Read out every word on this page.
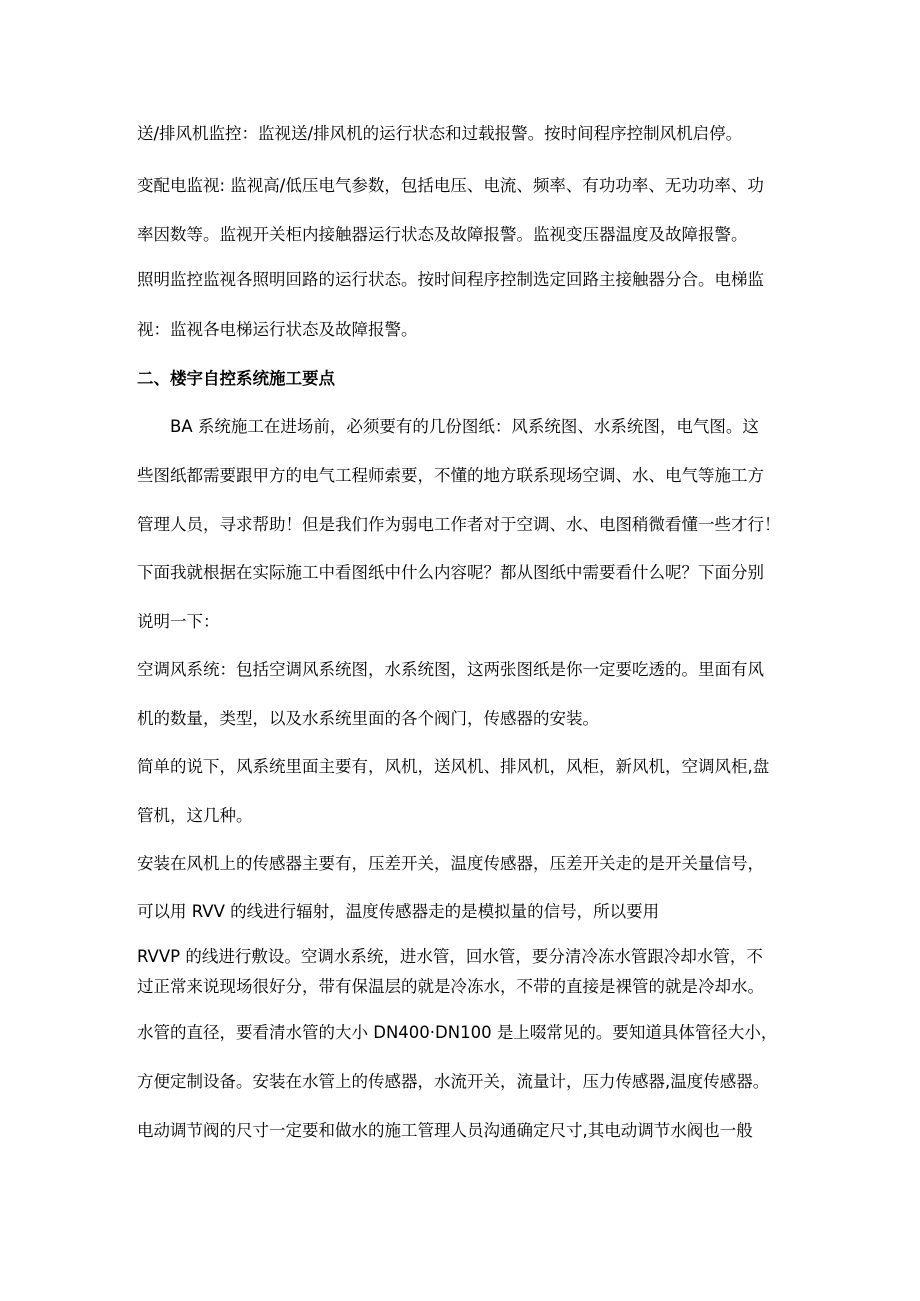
送/排风机监控：监视送/排风机的运行状态和过载报警。按时间程序控制风机启停。

变配电监视: 监视高/低压电气参数，包括电压、电流、频率、有功功率、无功功率、功

率因数等。监视开关柜内接触器运行状态及故障报警。监视变压器温度及故障报警。

照明监控监视各照明回路的运行状态。按时间程序控制选定回路主接触器分合。电梯监

视：监视各电梯运行状态及故障报警。

二、楼宇自控系统施工要点

BA 系统施工在进场前，必须要有的几份图纸：风系统图、水系统图，电气图。这

些图纸都需要跟甲方的电气工程师索要，不懂的地方联系现场空调、水、电气等施工方

管理人员，寻求帮助！但是我们作为弱电工作者对于空调、水、电图稍微看懂一些才行！

下面我就根据在实际施工中看图纸中什么内容呢？都从图纸中需要看什么呢？下面分别

说明一下：

空调风系统：包括空调风系统图，水系统图，这两张图纸是你一定要吃透的。里面有风

机的数量，类型，以及水系统里面的各个阀门，传感器的安装。

简单的说下，风系统里面主要有，风机，送风机、排风机，风柜，新风机，空调风柜,盘

管机，这几种。

安装在风机上的传感器主要有，压差开关，温度传感器，压差开关走的是开关量信号，

可以用 RVV 的线进行辐射，温度传感器走的是模拟量的信号，所以要用

RVVP 的线进行敷设。空调水系统，进水管，回水管，要分清冷冻水管跟冷却水管，不

过正常来说现场很好分，带有保温层的就是冷冻水，不带的直接是裸管的就是冷却水。

水管的直径，要看清水管的大小 DN400·DN100 是上啜常见的。要知道具体管径大小，

方便定制设备。安装在水管上的传感器，水流开关，流量计，压力传感器,温度传感器。

电动调节阀的尺寸一定要和做水的施工管理人员沟通确定尺寸,其电动调节水阀也一般
